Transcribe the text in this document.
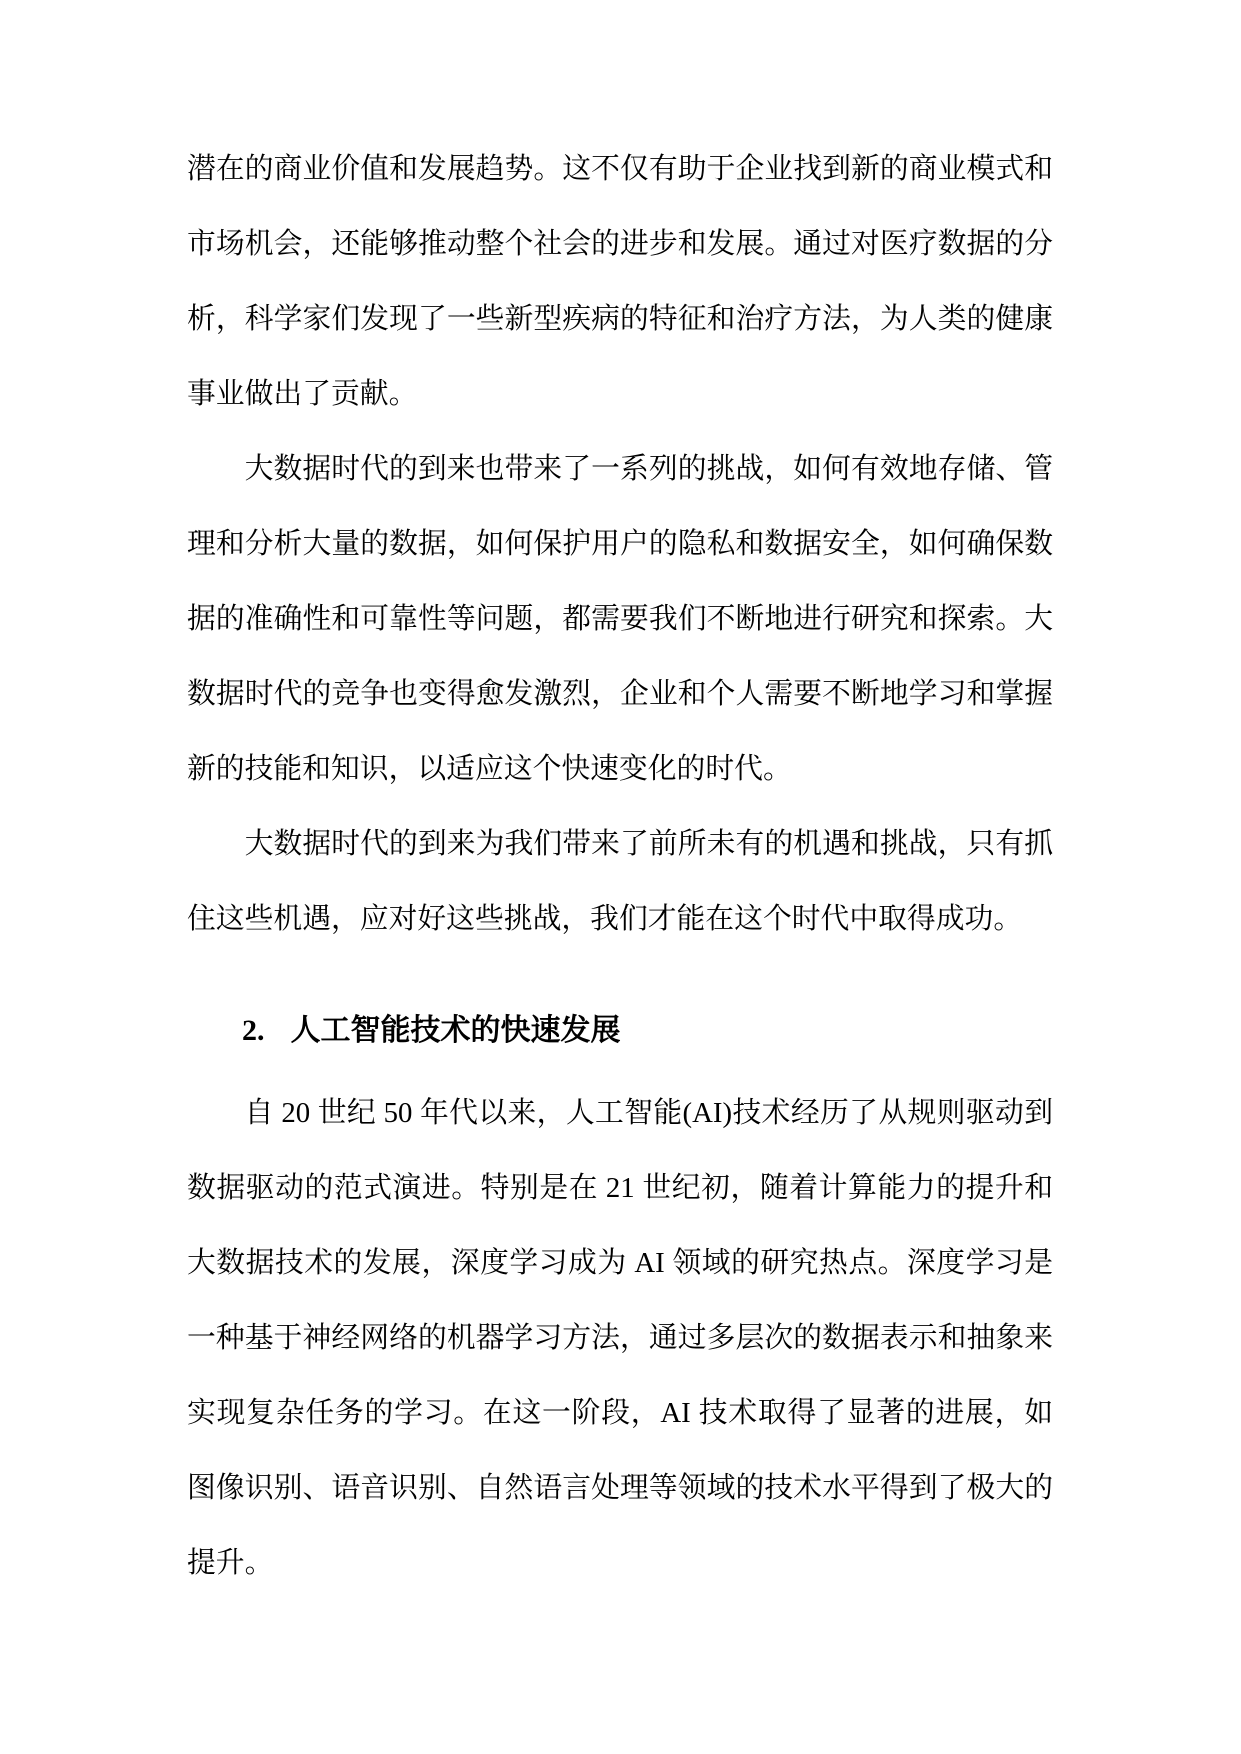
潜在的商业价值和发展趋势。这不仅有助于企业找到新的商业模式和
市场机会，还能够推动整个社会的进步和发展。通过对医疗数据的分
析，科学家们发现了一些新型疾病的特征和治疗方法，为人类的健康
事业做出了贡献。
大数据时代的到来也带来了一系列的挑战，如何有效地存储、管
理和分析大量的数据，如何保护用户的隐私和数据安全，如何确保数
据的准确性和可靠性等问题，都需要我们不断地进行研究和探索。大
数据时代的竞争也变得愈发激烈，企业和个人需要不断地学习和掌握
新的技能和知识，以适应这个快速变化的时代。
大数据时代的到来为我们带来了前所未有的机遇和挑战，只有抓
住这些机遇，应对好这些挑战，我们才能在这个时代中取得成功。
2. 人工智能技术的快速发展
自 20 世纪 50 年代以来，人工智能(AI)技术经历了从规则驱动到
数据驱动的范式演进。特别是在 21 世纪初，随着计算能力的提升和
大数据技术的发展，深度学习成为 AI 领域的研究热点。深度学习是
一种基于神经网络的机器学习方法，通过多层次的数据表示和抽象来
实现复杂任务的学习。在这一阶段，AI 技术取得了显著的进展，如
图像识别、语音识别、自然语言处理等领域的技术水平得到了极大的
提升。
